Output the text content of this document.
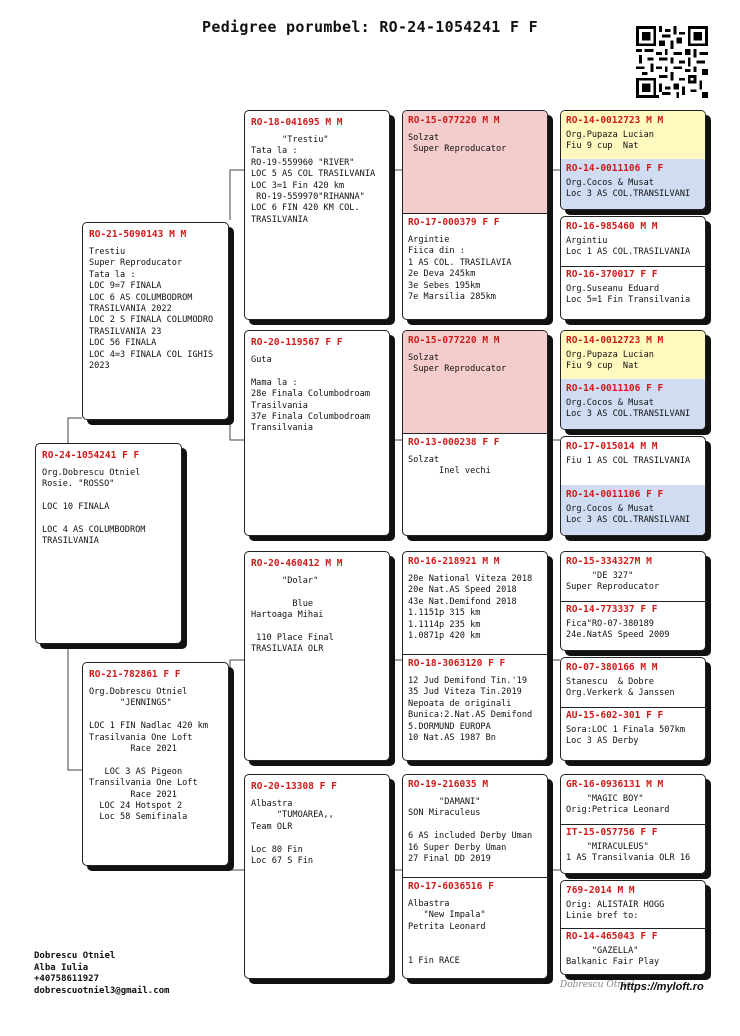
Pedigree porumbel: RO-24-1054241 F F
RO-24-1054241 F F
Org.Dobrescu Otniel
Rosie. "ROSSO"

LOC 10 FINALA

LOC 4 AS COLUMBODROM
TRASILVANIA
RO-21-5090143 M M
Trestiu
Super Reproducator
Tata la :
LOC 9=7 FINALA
LOC 6 AS COLUMBODROM
TRASILVANIA 2022
LOC 2 S FINALA COLUMODRO
TRASILVANIA 23
LOC 56 FINALA
LOC 4=3 FINALA COL IGHIS
2023
RO-21-782861 F F
Org.Dobrescu Otniel
"JENNINGS"

LOC 1 FIN Nadlac 420 km
Trasilvania One Loft
Race 2021

LOC 3 AS Pigeon
Transilvania One Loft
Race 2021
LOC 24 Hotspot 2
Loc 58 Semifinala
RO-18-041695 M M
"Trestiu"
Tata la :
RO-19-559960 "RIVER"
LOC 5 AS COL TRASILVANIA
LOC 3=1 Fin 420 km
RO-19-559970"RIHANNA"
LOC 6 FIN 420 KM COL.
TRASILVANIA
RO-20-119567 F F
Guta

Mama la :
28e Finala Columbodroam
Trasilvania
37e Finala Columbodroam
Transilvania
RO-20-460412 M M
"Dolar"

Blue
Hartoaga Mihai

110 Place Final
TRASILVAIA OLR
RO-20-13308 F F
Albastra
"TUMOAREA,,
Team OLR

Loc 80 Fin
Loc 67 S Fin
RO-15-077220 M M
Solzat
Super Reproducator
RO-17-000379 F F
Argintie
Fiica din :
1 AS COL. TRASILAVIA
2e Deva 245km
3e Sebes 195km
7e Marsilia 285km
RO-15-077220 M M
Solzat
Super Reproducator
RO-13-000238 F F
Solzat
Inel vechi
RO-16-218921 M M
20e National Viteza 2018
20e Nat.AS Speed 2018
43e Nat.Demifond 2018
1.1151p 315 km
1.1114p 235 km
1.0871p 420 km
RO-18-3063120 F F
12 Jud Demifond Tin.'19
35 Jud Viteza Tin.2019
Nepoata de originali
Bunica:2.Nat.AS Demifond
5.DORMUND EUROPA
10 Nat.AS 1987 Bn
RO-19-216035 M
"DAMANI"
SON Miraculeus

6 AS included Derby Uman
16 Super Derby Uman
27 Final DD 2019
RO-17-6036516 F
Albastra
"New Impala"
Petrita Leonard

1 Fin RACE
RO-14-0012723 M M
Org.Pupaza Lucian
Fiu 9 cup  Nat
RO-14-0011106 F F
Org.Cocos & Musat
Loc 3 AS COL.TRANSILVANI
RO-16-985460 M M
Argintiu
Loc 1 AS COL.TRASILVANIA
RO-16-370017 F F
Org.Suseanu Eduard
Loc 5=1 Fin Transilvania
RO-14-0012723 M M
Org.Pupaza Lucian
Fiu 9 cup  Nat
RO-14-0011106 F F
Org.Cocos & Musat
Loc 3 AS COL.TRANSILVANI
RO-17-015014 M M
Fiu 1 AS COL TRASILVANIA
RO-14-0011106 F F
Org.Cocos & Musat
Loc 3 AS COL.TRANSILVANI
RO-15-334327M M
"DE 327"
Super Reproducator
RO-14-773337 F F
Fica"RO-07-380189
24e.NatAS Speed 2009
RO-07-380166 M M
Stanescu  & Dobre
Org.Verkerk & Janssen
AU-15-602-301 F F
Sora:LOC 1 Finala 507km
Loc 3 AS Derby
GR-16-0936131 M M
"MAGIC BOY"
Orig:Petrica Leonard
IT-15-057756 F F
"MIRACULEUS"
1 AS Transilvania OLR 16
769-2014 M M
Orig: ALISTAIR HOGG
Linie bref to:
RO-14-465043 F F
"GAZELLA"
Balkanic Fair Play
Dobrescu Otniel
Alba Iulia
+40758611927
dobrescuotniel3@gmail.com
Dobrescu Otniel
https://myloft.ro
